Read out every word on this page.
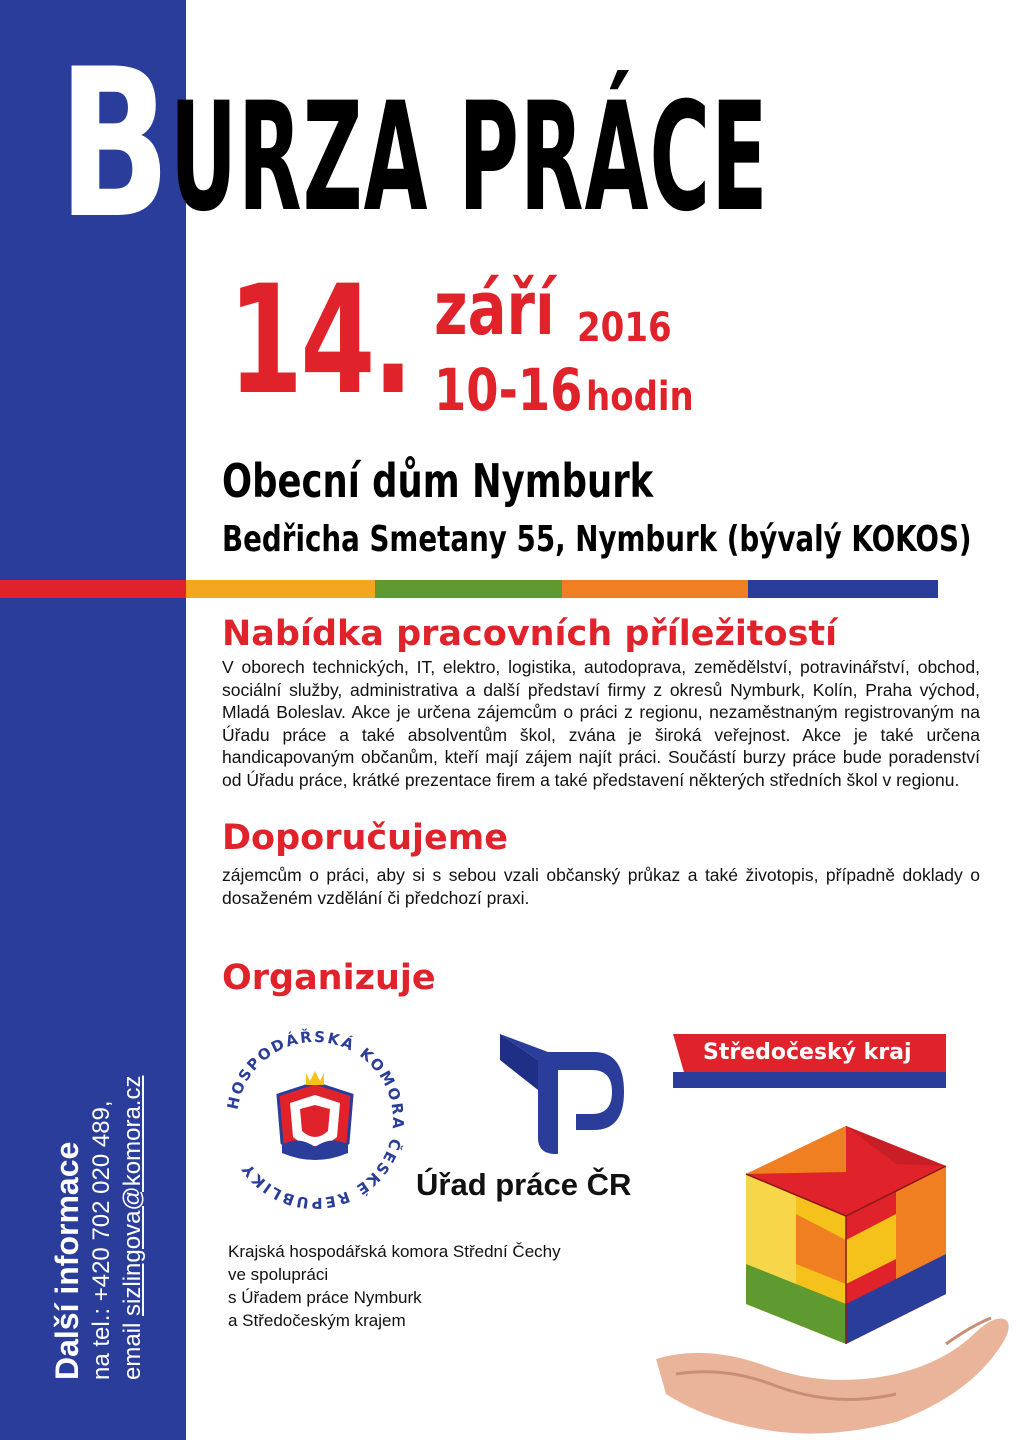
B URZA PRÁCE
14. září 2016
10-16 hodin
Obecní dům Nymburk
Bedřicha Smetany 55, Nymburk (bývalý KOKOS)
Nabídka pracovních příležitostí
V oborech technických, IT, elektro, logistika, autodoprava, zemědělství, potravinářství, obchod, sociální služby, administrativa a další představí firmy z okresů Nymburk, Kolín, Praha východ, Mladá Boleslav. Akce je určena zájemcům o práci z regionu, nezaměstnaným registrovaným na Úřadu práce a také absolventům škol, zvána je široká veřejnost. Akce je také určena handicapovaným občanům, kteří mají zájem najít práci. Součástí burzy práce bude poradenství od Úřadu práce, krátké prezentace firem a také představení některých středních škol v regionu.
Doporučujeme
zájemcům o práci, aby si s sebou vzali občanský průkaz a také životopis, případně doklady o dosaženém vzdělání či předchozí praxi.
Organizuje
Další informace na tel.: +420 702 020 489, email sizlingova@komora.cz	HOSPODÁŘSKÁ KOMORA ČESKÉ REPUBLIKY	Úřad práce ČR
Středočeský kraj
Krajská hospodářská komora Střední Čechy
ve spolupráci
s Úřadem práce Nymburk
a Středočeským krajem
